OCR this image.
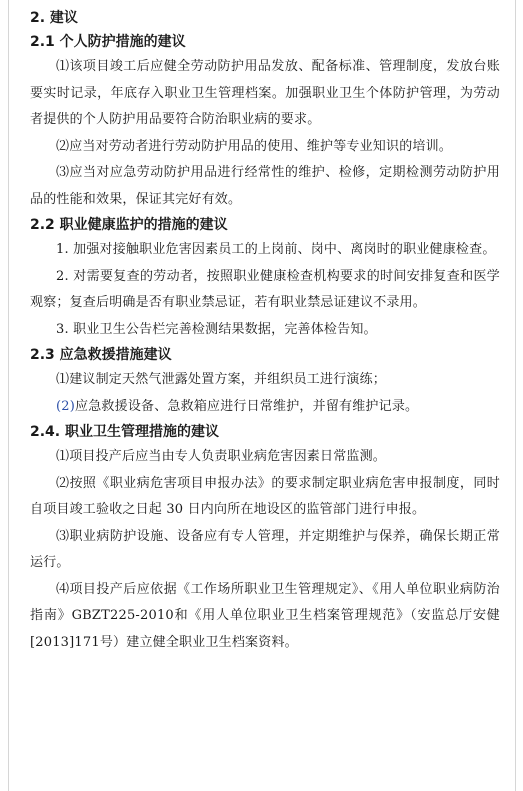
2. 建议
2.1 个人防护措施的建议

⑴该项目竣工后应健全劳动防护用品发放、配备标准、管理制度，发放台账要实时记录，年底存入职业卫生管理档案。加强职业卫生个体防护管理，为劳动者提供的个人防护用品要符合防治职业病的要求。

⑵应当对劳动者进行劳动防护用品的使用、维护等专业知识的培训。

⑶应当对应急劳动防护用品进行经常性的维护、检修，定期检测劳动防护用品的性能和效果，保证其完好有效。

2.2 职业健康监护的措施的建议

1. 加强对接触职业危害因素员工的上岗前、岗中、离岗时的职业健康检查。

2. 对需要复查的劳动者，按照职业健康检查机构要求的时间安排复查和医学观察；复查后明确是否有职业禁忌证，若有职业禁忌证建议不录用。

3. 职业卫生公告栏完善检测结果数据，完善体检告知。

2.3 应急救援措施建议

⑴建议制定天然气泄露处置方案，并组织员工进行演练；

(2)应急救援设备、急救箱应进行日常维护，并留有维护记录。

2.4. 职业卫生管理措施的建议

⑴项目投产后应当由专人负责职业病危害因素日常监测。

⑵按照《职业病危害项目申报办法》的要求制定职业病危害申报制度，同时自项目竣工验收之日起 30 日内向所在地设区的监管部门进行申报。

⑶职业病防护设施、设备应有专人管理，并定期维护与保养，确保长期正常运行。

⑷项目投产后应依据《工作场所职业卫生管理规定》、《用人单位职业病防治指南》GBZT225-2010和《用人单位职业卫生档案管理规范》（安监总厅安健[2013]171号）建立健全职业卫生档案资料。
